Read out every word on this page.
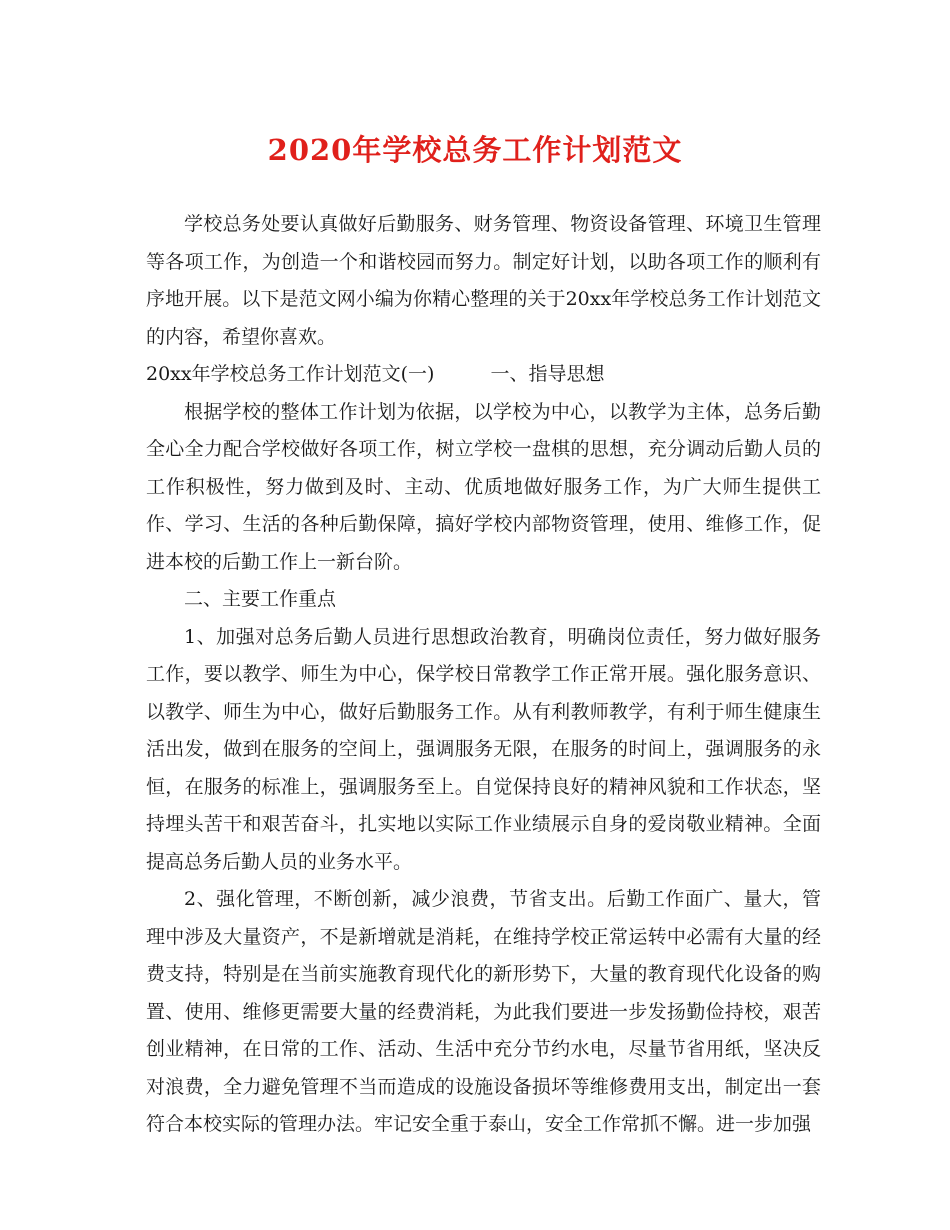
2020年学校总务工作计划范文

学校总务处要认真做好后勤服务、财务管理、物资设备管理、环境卫生管理等各项工作，为创造一个和谐校园而努力。制定好计划，以助各项工作的顺利有序地开展。以下是范文网小编为你精心整理的关于20xx年学校总务工作计划范文的内容，希望你喜欢。

20xx年学校总务工作计划范文(一)	一、指导思想

根据学校的整体工作计划为依据，以学校为中心，以教学为主体，总务后勤全心全力配合学校做好各项工作，树立学校一盘棋的思想，充分调动后勤人员的工作积极性，努力做到及时、主动、优质地做好服务工作，为广大师生提供工作、学习、生活的各种后勤保障，搞好学校内部物资管理，使用、维修工作，促进本校的后勤工作上一新台阶。

二、主要工作重点

1、加强对总务后勤人员进行思想政治教育，明确岗位责任，努力做好服务工作，要以教学、师生为中心，保学校日常教学工作正常开展。强化服务意识、以教学、师生为中心，做好后勤服务工作。从有利教师教学，有利于师生健康生活出发，做到在服务的空间上，强调服务无限，在服务的时间上，强调服务的永恒，在服务的标准上，强调服务至上。自觉保持良好的精神风貌和工作状态，坚持埋头苦干和艰苦奋斗，扎实地以实际工作业绩展示自身的爱岗敬业精神。全面提高总务后勤人员的业务水平。

2、强化管理，不断创新，减少浪费，节省支出。后勤工作面广、量大，管理中涉及大量资产，不是新增就是消耗，在维持学校正常运转中必需有大量的经费支持，特别是在当前实施教育现代化的新形势下，大量的教育现代化设备的购置、使用、维修更需要大量的经费消耗，为此我们要进一步发扬勤俭持校，艰苦创业精神，在日常的工作、活动、生活中充分节约水电，尽量节省用纸，坚决反对浪费，全力避免管理不当而造成的设施设备损坏等维修费用支出，制定出一套符合本校实际的管理办法。牢记安全重于泰山，安全工作常抓不懈。进一步加强
